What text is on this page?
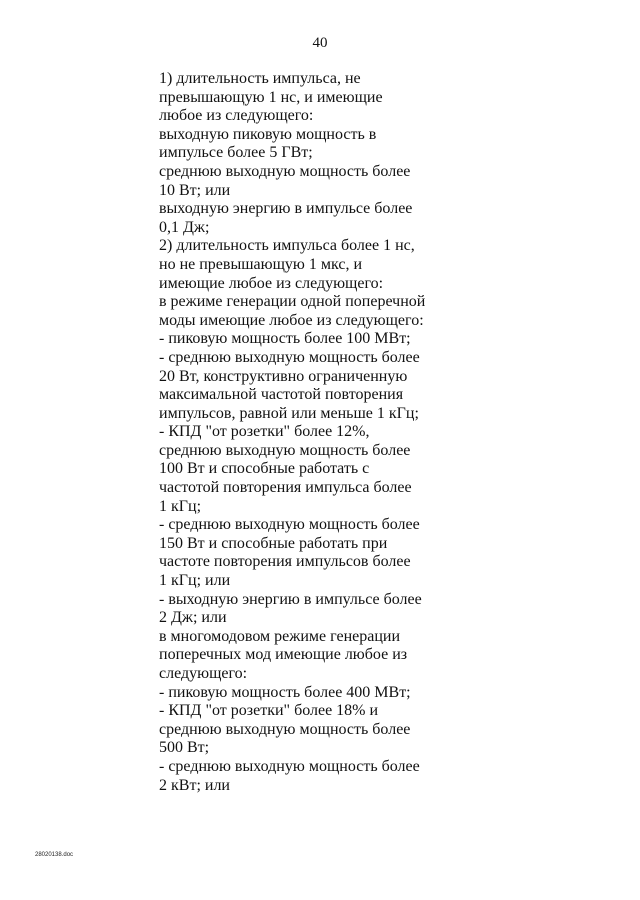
40
1) длительность импульса, не
превышающую 1 нс, и имеющие
любое из следующего:
выходную пиковую мощность в
импульсе более 5 ГВт;
среднюю выходную мощность более
10 Вт; или
выходную энергию в импульсе более
0,1 Дж;
2) длительность импульса более 1 нс,
но не превышающую 1 мкс, и
имеющие любое из следующего:
в режиме генерации одной поперечной
моды имеющие любое из следующего:
- пиковую мощность более 100 МВт;
- среднюю выходную мощность более
20 Вт, конструктивно ограниченную
максимальной частотой повторения
импульсов, равной или меньше 1 кГц;
- КПД "от розетки" более 12%,
среднюю выходную мощность более
100 Вт и способные работать с
частотой повторения импульса более
1 кГц;
- среднюю выходную мощность более
150 Вт и способные работать при
частоте повторения импульсов более
1 кГц; или
- выходную энергию в импульсе более
2 Дж; или
в многомодовом режиме генерации
поперечных мод имеющие любое из
следующего:
- пиковую мощность более 400 МВт;
- КПД "от розетки" более 18% и
среднюю выходную мощность более
500 Вт;
- среднюю выходную мощность более
2 кВт; или
28020138.doc
